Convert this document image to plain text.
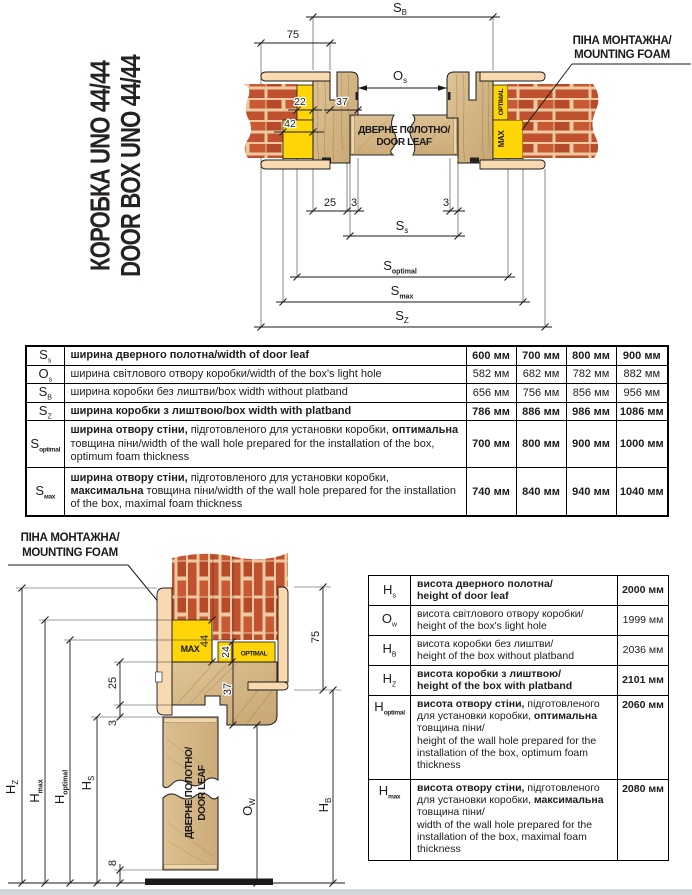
КОРОБКА UNO 44/44
DOOR BOX UNO 44/44	ДВЕРНЕ ПОЛОТНО/
DOOR LEAF
OPTIMAL
MAX
$S_B$
75
$O_s$
22	37
42
25 3	3
$S_s$
$S_{optimal}$
$S_{max}$
$S_Z$
ПІНА МОНТАЖНА/
MOUNTING FOAM
ПІНА МОНТАЖНА/
MOUNTING FOAM
MAX	OPTIMAL
ДВЕРНЕ ПОЛОТНО/ DOOR LEAF
$H_Z$
$H_{max}$
$H_{optimal}$ $H_S$
$O_W$
$H_B$
75
44
24
25	37
3
8
$S_s$	ширина дверного полотна/width of door leaf	600 мм	700 мм	800 мм	900 мм
$O_s$	ширина світлового отвору коробки/width of the box's light hole	582 мм	682 мм	782 мм	882 мм
$S_B$	ширина коробки без лиштви/box width without platband	656 мм	756 мм	856 мм	956 мм
$S_Z$	ширина коробки з лиштвою/box width with platband	786 мм	886 мм	986 мм	1086 мм
$S_{optimal}$	ширина отвору стіни, підготовленого для установки коробки, оптимальна товщина піни/width of the wall hole prepared for the installation of the box, optimum foam thickness	700 мм	800 мм	900 мм	1000 мм
$S_{мах}$	ширина отвору стіни, підготовленого для установки коробки, максимальна товщина піни/width of the wall hole prepared for the installation of the box, maximal foam thickness	740 мм	840 мм	940 мм	1040 мм
$H_s$	висота дверного полотна/
height of door leaf	2000 мм
$O_w$	висота світлового отвору коробки/
height of the box's light hole	1999 мм
$H_B$	висота коробки без лиштви/
height of the box without platband	2036 мм
$H_Z$	висота коробки з лиштвою/
height of the box with platband	2101 мм
$H_{optimal}$	висота отвору стіни, підготовленого для установки коробки, оптимальна товщина піни/
height of the wall hole prepared for the installation of the box, optimum foam thickness	2060 мм
$H_{max}$	висота отвору стіни, підготовленого для установки коробки, максимальна товщина піни/
width of the wall hole prepared for the installation of the box, maximal foam thickness	2080 мм
